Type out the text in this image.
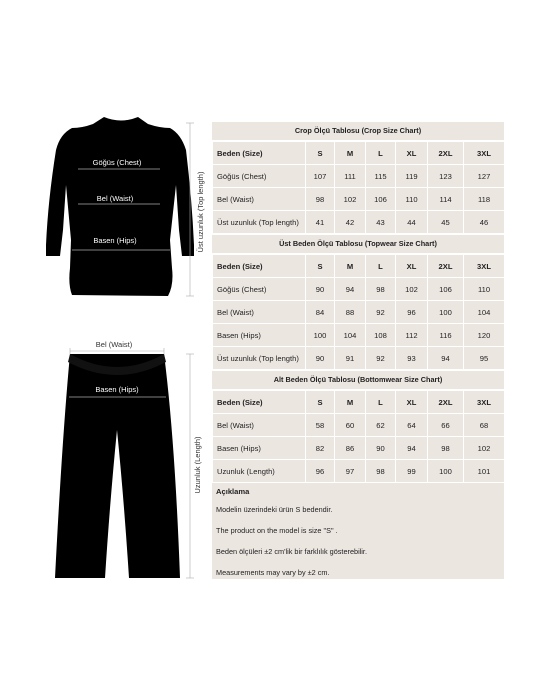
Göğüs (Chest)
Bel (Waist)
Basen (Hips)	Üst uzunluk (Top length)
Bel (Waist)
Basen (Hips)
Uzunluk (Length)
Crop Ölçü Tablosu (Crop Size Chart)
Beden (Size)	S	M	L	XL	2XL	3XL
Göğüs (Chest)	107	111	115	119	123	127
Bel (Waist)	98	102	106	110	114	118
Üst uzunluk (Top length)	41	42	43	44	45	46
Üst Beden Ölçü Tablosu (Topwear Size Chart)
Beden (Size)	S	M	L	XL	2XL	3XL
Göğüs (Chest)	90	94	98	102	106	110
Bel (Waist)	84	88	92	96	100	104
Basen (Hips)	100	104	108	112	116	120
Üst uzunluk (Top length)	90	91	92	93	94	95
Alt Beden Ölçü Tablosu (Bottomwear Size Chart)
Beden (Size)	S	M	L	XL	2XL	3XL
Bel (Waist)	58	60	62	64	66	68
Basen (Hips)	82	86	90	94	98	102
Uzunluk (Length)	96	97	98	99	100	101
Açıklama
Modelin üzerindeki ürün S bedendir.
The product on the model is size "S" .
Beden ölçüleri ±2 cm'lik bir farklılık gösterebilir.
Measurements may vary by ±2 cm.
